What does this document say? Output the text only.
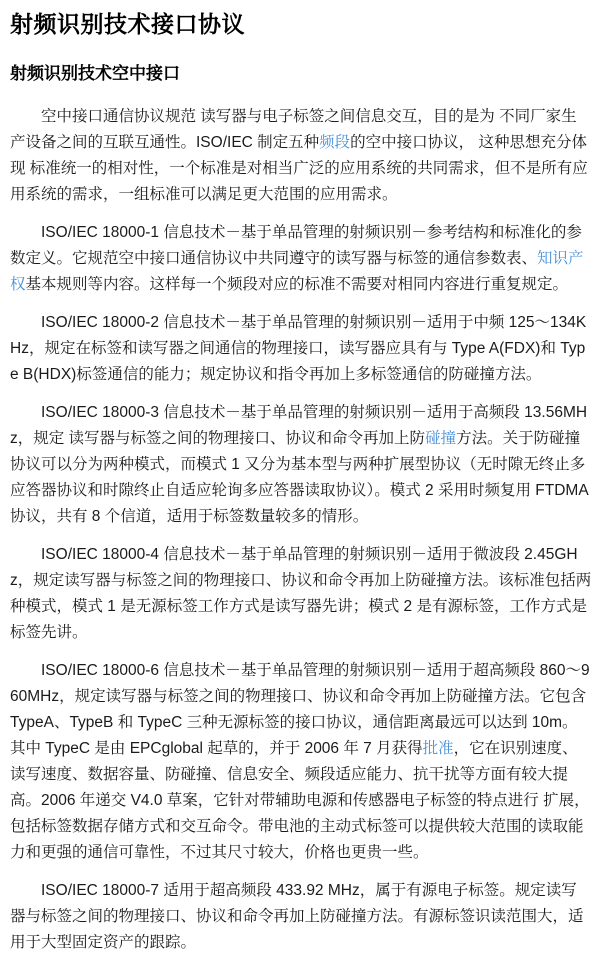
射频识别技术接口协议
射频识别技术空中接口

空中接口通信协议规范 读写器与电子标签之间信息交互，目的是为 不同厂家生产设备之间的互联互通性。ISO/IEC 制定五种频段的空中接口协议， 这种思想充分体现 标准统一的相对性，一个标准是对相当广泛的应用系统的共同需求，但不是所有应用系统的需求，一组标准可以满足更大范围的应用需求。

ISO/IEC 18000-1 信息技术－基于单品管理的射频识别－参考结构和标准化的参数定义。它规范空中接口通信协议中共同遵守的读写器与标签的通信参数表、知识产权基本规则等内容。这样每一个频段对应的标准不需要对相同内容进行重复规定。

ISO/IEC 18000-2 信息技术－基于单品管理的射频识别－适用于中频 125～134KHz，规定在标签和读写器之间通信的物理接口，读写器应具有与 Type A(FDX)和 Type B(HDX)标签通信的能力；规定协议和指令再加上多标签通信的防碰撞方法。

ISO/IEC 18000-3 信息技术－基于单品管理的射频识别－适用于高频段 13.56MHz，规定 读写器与标签之间的物理接口、协议和命令再加上防碰撞方法。关于防碰撞协议可以分为两种模式，而模式 1 又分为基本型与两种扩展型协议（无时隙无终止多应答器协议和时隙终止自适应轮询多应答器读取协议）。模式 2 采用时频复用 FTDMA 协议，共有 8 个信道，适用于标签数量较多的情形。

ISO/IEC 18000-4 信息技术－基于单品管理的射频识别－适用于微波段 2.45GHz，规定读写器与标签之间的物理接口、协议和命令再加上防碰撞方法。该标准包括两种模式，模式 1 是无源标签工作方式是读写器先讲；模式 2 是有源标签，工作方式是标签先讲。

ISO/IEC 18000-6 信息技术－基于单品管理的射频识别－适用于超高频段 860～960MHz，规定读写器与标签之间的物理接口、协议和命令再加上防碰撞方法。它包含 TypeA、TypeB 和 TypeC 三种无源标签的接口协议，通信距离最远可以达到 10m。其中 TypeC 是由 EPCglobal 起草的，并于 2006 年 7 月获得批准，它在识别速度、读写速度、数据容量、防碰撞、信息安全、频段适应能力、抗干扰等方面有较大提高。2006 年递交 V4.0 草案，它针对带辅助电源和传感器电子标签的特点进行 扩展，包括标签数据存储方式和交互命令。带电池的主动式标签可以提供较大范围的读取能力和更强的通信可靠性，不过其尺寸较大，价格也更贵一些。

ISO/IEC 18000-7 适用于超高频段 433.92 MHz，属于有源电子标签。规定读写器与标签之间的物理接口、协议和命令再加上防碰撞方法。有源标签识读范围大，适用于大型固定资产的跟踪。
